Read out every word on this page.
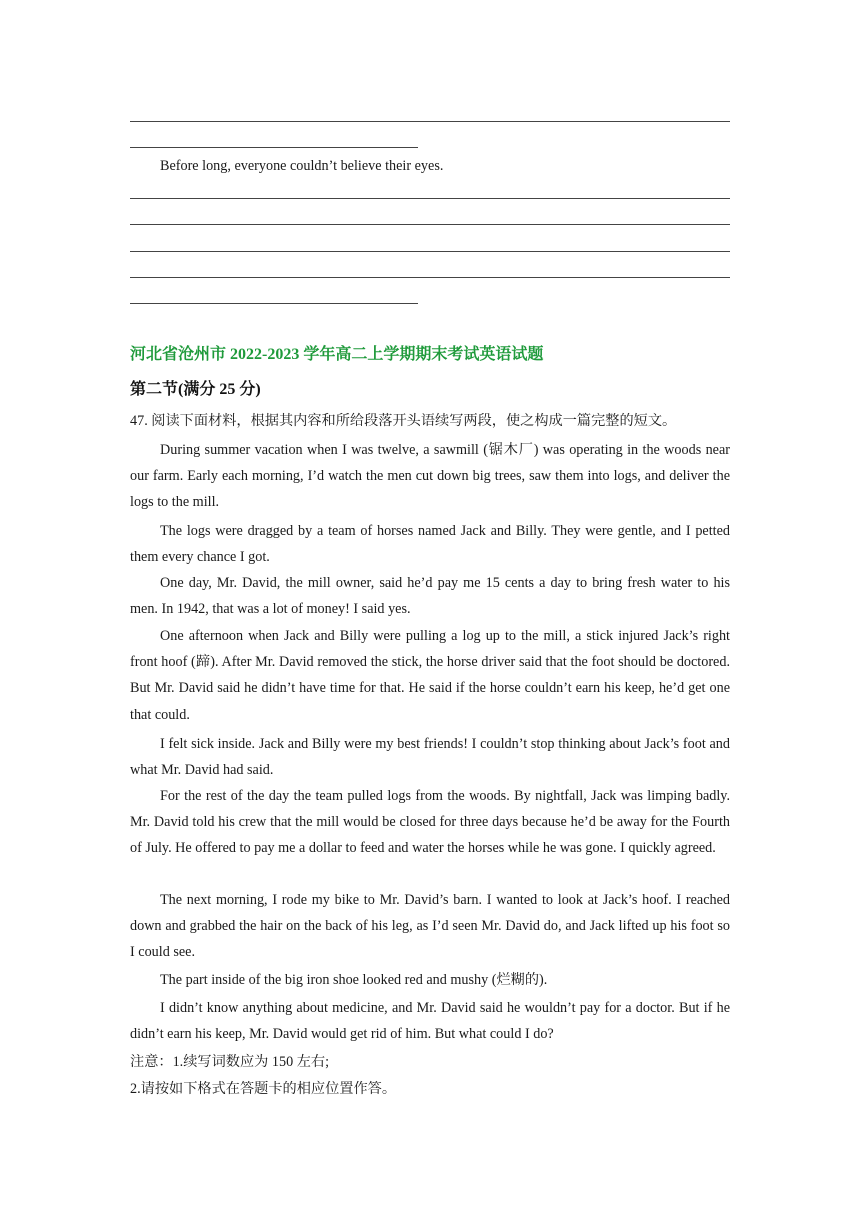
Before long, everyone couldn’t believe their eyes.
河北省沧州市 2022-2023 学年高二上学期期末考试英语试题
第二节(满分 25 分)
47. 阅读下面材料，根据其内容和所给段落开头语续写两段，使之构成一篇完整的短文。
During summer vacation when I was twelve, a sawmill (锯木厂) was operating in the woods near our farm. Early each morning, I’d watch the men cut down big trees, saw them into logs, and deliver the logs to the mill.
The logs were dragged by a team of horses named Jack and Billy. They were gentle, and I petted them every chance I got.
One day, Mr. David, the mill owner, said he’d pay me 15 cents a day to bring fresh water to his men. In 1942, that was a lot of money! I said yes.
One afternoon when Jack and Billy were pulling a log up to the mill, a stick injured Jack’s right front hoof (蹄). After Mr. David removed the stick, the horse driver said that the foot should be doctored. But Mr. David said he didn’t have time for that. He said if the horse couldn’t earn his keep, he’d get one that could.
I felt sick inside. Jack and Billy were my best friends! I couldn’t stop thinking about Jack’s foot and what Mr. David had said.
For the rest of the day the team pulled logs from the woods. By nightfall, Jack was limping badly. Mr. David told his crew that the mill would be closed for three days because he’d be away for the Fourth of July. He offered to pay me a dollar to feed and water the horses while he was gone. I quickly agreed.
The next morning, I rode my bike to Mr. David’s barn. I wanted to look at Jack’s hoof. I reached down and grabbed the hair on the back of his leg, as I’d seen Mr. David do, and Jack lifted up his foot so I could see.
The part inside of the big iron shoe looked red and mushy (烂糊的).
I didn’t know anything about medicine, and Mr. David said he wouldn’t pay for a doctor. But if he didn’t earn his keep, Mr. David would get rid of him. But what could I do?
注意：1.续写词数应为 150 左右;
2.请按如下格式在答题卡的相应位置作答。
